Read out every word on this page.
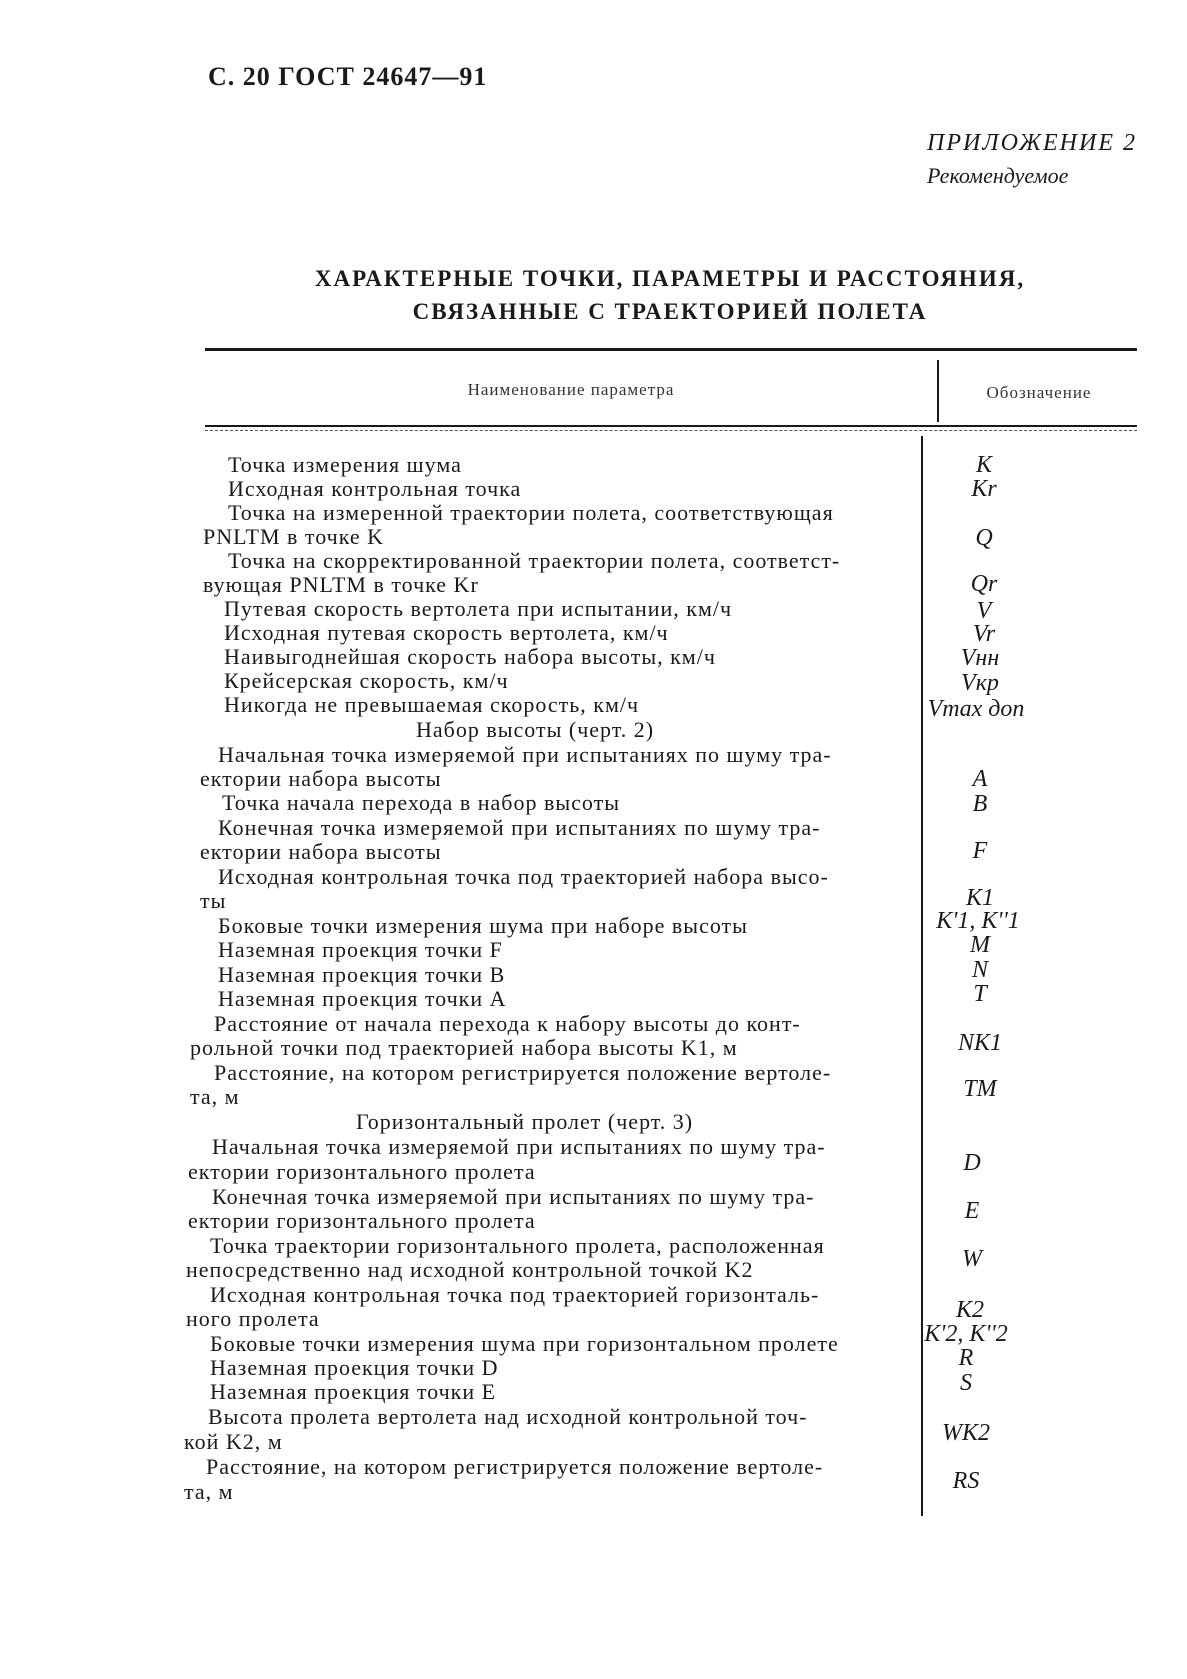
С. 20 ГОСТ 24647—91
ПРИЛОЖЕНИЕ 2
Рекомендуемое
ХАРАКТЕРНЫЕ ТОЧКИ, ПАРАМЕТРЫ И РАССТОЯНИЯ,
СВЯЗАННЫЕ С ТРАЕКТОРИЕЙ ПОЛЕТА
Наименование параметра	Обозначение
Точка измерения шума
Исходная контрольная точка
Точка на измеренной траектории полета, соответствующая
PNLTM в точке K
Точка на скорректированной траектории полета, соответст-
вующая PNLTM в точке Kr
Путевая скорость вертолета при испытании, км/ч
Исходная путевая скорость вертолета, км/ч
Наивыгоднейшая скорость набора высоты, км/ч
Крейсерская скорость, км/ч
Никогда не превышаемая скорость, км/ч
Набор высоты (черт. 2)
Начальная точка измеряемой при испытаниях по шуму тра-
ектории набора высоты
Точка начала перехода в набор высоты
Конечная точка измеряемой при испытаниях по шуму тра-
ектории набора высоты
Исходная контрольная точка под траекторией набора высо-
ты
Боковые точки измерения шума при наборе высоты
Наземная проекция точки F
Наземная проекция точки B
Наземная проекция точки A
Расстояние от начала перехода к набору высоты до конт-
рольной точки под траекторией набора высоты K1, м
Расстояние, на котором регистрируется положение вертоле-
та, м
Горизонтальный пролет (черт. 3)
Начальная точка измеряемой при испытаниях по шуму тра-
ектории горизонтального пролета
Конечная точка измеряемой при испытаниях по шуму тра-
ектории горизонтального пролета
Точка траектории горизонтального пролета, расположенная
непосредственно над исходной контрольной точкой K2
Исходная контрольная точка под траекторией горизонталь-
ного пролета
Боковые точки измерения шума при горизонтальном пролете
Наземная проекция точки D
Наземная проекция точки E
Высота пролета вертолета над исходной контрольной точ-
кой K2, м
Расстояние, на котором регистрируется положение вертоле-
та, м
K
Kr
Q
Qr
V
Vr
Vнн
Vкр
Vmax доп
A
B
F
K1
K'1, K''1
M
N
T
NK1
TM
D
E
W
K2
K'2, K''2
R
S
WK2
RS
